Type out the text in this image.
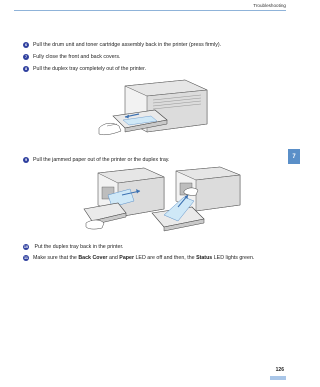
Troubleshooting
7
6	Pull the drum unit and toner cartridge assembly back in the printer (press firmly).
7	Fully close the front and back covers.
8	Pull the duplex tray completely out of the printer.
9	Pull the jammed paper out of the printer or the duplex tray.
10 Put the duplex tray back in the printer.
11 Make sure that the Back Cover and Paper LED are off and then, the Status LED lights green.
126
